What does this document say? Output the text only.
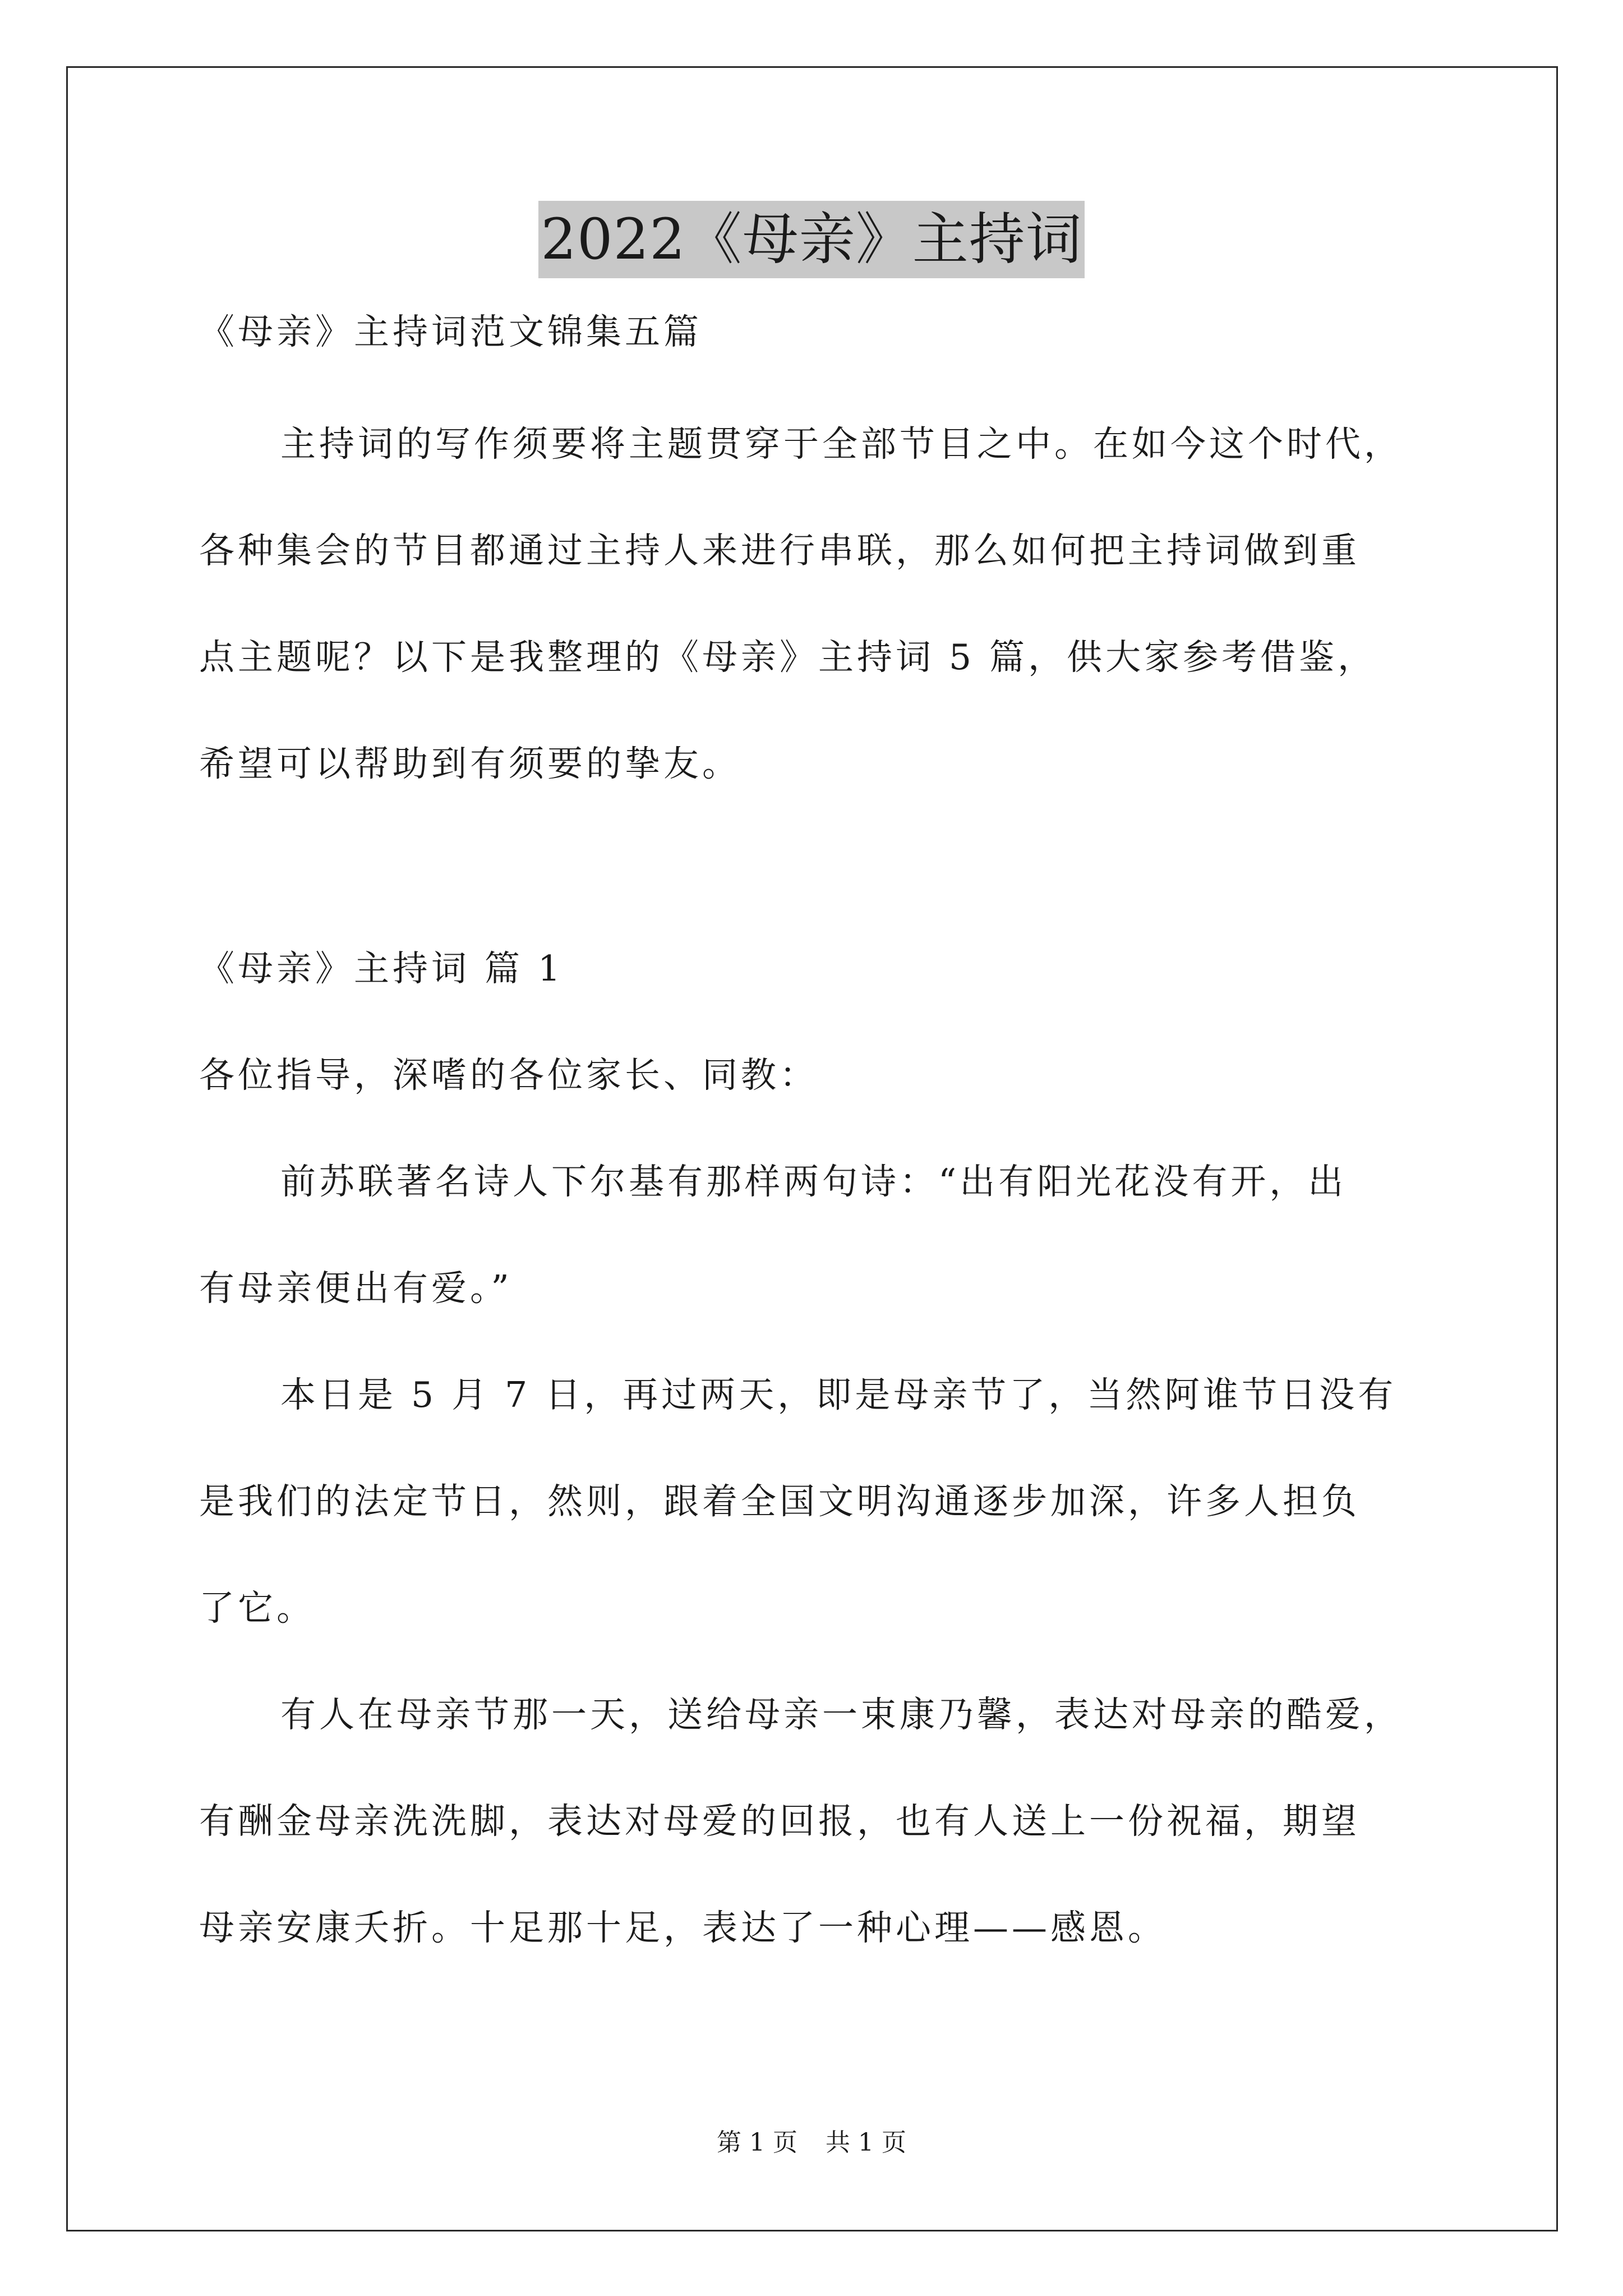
2022《母亲》主持词
《母亲》主持词范文锦集五篇
主持词的写作须要将主题贯穿于全部节目之中。在如今这个时代，
各种集会的节目都通过主持人来进行串联，那么如何把主持词做到重
点主题呢？以下是我整理的《母亲》主持词 5 篇，供大家参考借鉴，
希望可以帮助到有须要的挚友。
《母亲》主持词 篇 1
各位指导，深嗜的各位家长、同教：
前苏联著名诗人下尔基有那样两句诗：“出有阳光花没有开，出
有母亲便出有爱。”
本日是 5 月 7 日，再过两天，即是母亲节了，当然阿谁节日没有
是我们的法定节日，然则，跟着全国文明沟通逐步加深，许多人担负
了它。
有人在母亲节那一天，送给母亲一束康乃馨，表达对母亲的酷爱，
有酬金母亲洗洗脚，表达对母爱的回报，也有人送上一份祝福，期望
母亲安康夭折。十足那十足，表达了一种心理——感恩。
第 1 页 共 1 页
